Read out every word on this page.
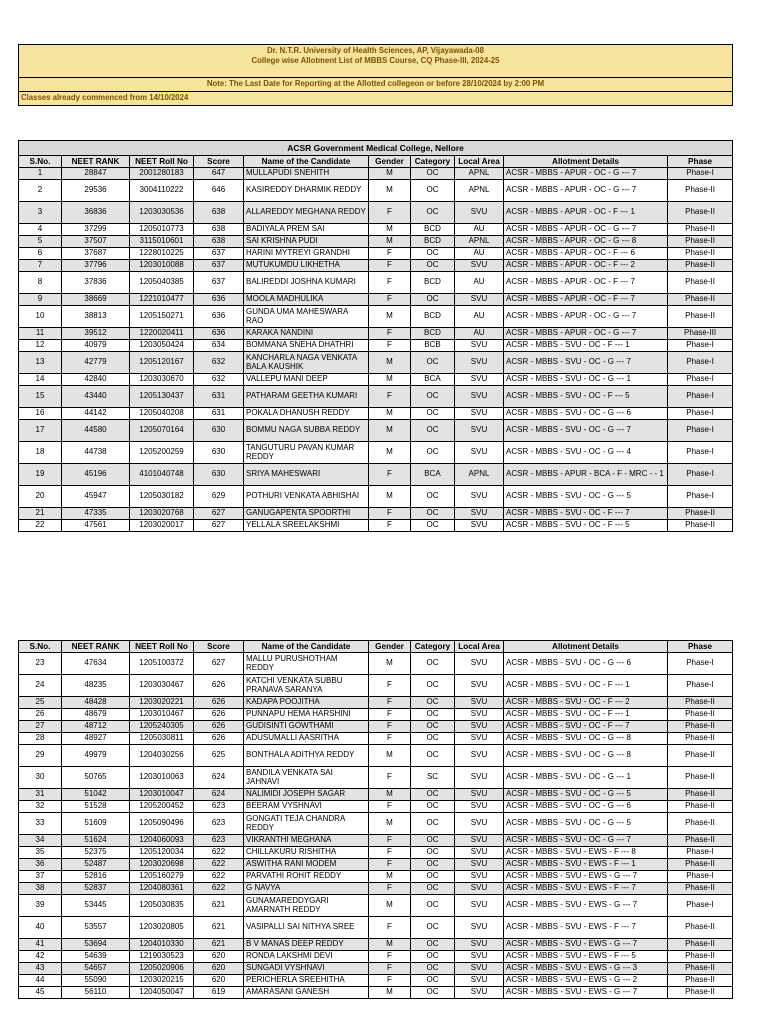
Dr. N.T.R. University of Health Sciences, AP, Vijayawada-08
College wise Allotment List of MBBS Course, CQ Phase-III, 2024-25

Note: The Last Date for Reporting at the Allotted collegeon or before 28/10/2024 by 2:00 PM
Classes already commenced from 14/10/2024

ACSR Government Medical College, Nellore									
S.No.	NEET RANK	NEET Roll No	Score	Name of the Candidate	Gender	Category	Local Area	Allotment Details	Phase
1	28847	2001280183	647	MULLAPUDI SNEHITH	M	OC	APNL	ACSR - MBBS - APUR - OC - G --- 7	Phase-I
2	29536	3004110222	646	KASIREDDY DHARMIK REDDY	M	OC	APNL	ACSR - MBBS - APUR - OC - G --- 7	Phase-II
3	36836	1203030536	638	ALLAREDDY MEGHANA REDDY	F	OC	SVU	ACSR - MBBS - APUR - OC - F --- 1	Phase-II
4	37299	1205010773	638	BADIYALA PREM SAI	M	BCD	AU	ACSR - MBBS - APUR - OC - G --- 7	Phase-II
5	37507	3115010601	638	SAI KRISHNA PUDI	M	BCD	APNL	ACSR - MBBS - APUR - OC - G --- 8	Phase-II
6	37687	1228010225	637	HARINI MYTREYI GRANDHI	F	OC	AU	ACSR - MBBS - APUR - OC - F --- 6	Phase-II
7	37796	1203010088	637	MUTUKUMDU LIKHETHA	F	OC	SVU	ACSR - MBBS - APUR - OC - F --- 2	Phase-II
8	37836	1205040385	637	BALIREDDI JOSHNA KUMARI	F	BCD	AU	ACSR - MBBS - APUR - OC - F --- 7	Phase-II
9	38669	1221010477	636	MOOLA MADHULIKA	F	OC	SVU	ACSR - MBBS - APUR - OC - F --- 7	Phase-II
10	38813	1205150271	636	GUNDA UMA MAHESWARA RAO	M	BCD	AU	ACSR - MBBS - APUR - OC - G --- 7	Phase-II
11	39512	1220020411	636	KARAKA NANDINI	F	BCD	AU	ACSR - MBBS - APUR - OC - G --- 7	Phase-III
12	40979	1203050424	634	BOMMANA SNEHA DHATHRI	F	BCB	SVU	ACSR - MBBS - SVU - OC - F --- 1	Phase-I
13	42779	1205120167	632	KANCHARLA NAGA VENKATA BALA KAUSHIK	M	OC	SVU	ACSR - MBBS - SVU - OC - G --- 7	Phase-I
14	42840	1203030670	632	VALLEPU MANI DEEP	M	BCA	SVU	ACSR - MBBS - SVU - OC - G --- 1	Phase-I
15	43440	1205130437	631	PATHARAM GEETHA KUMARI	F	OC	SVU	ACSR - MBBS - SVU - OC - F --- 5	Phase-I
16	44142	1205040208	631	POKALA DHANUSH REDDY	M	OC	SVU	ACSR - MBBS - SVU - OC - G --- 6	Phase-I
17	44580	1205070164	630	BOMMU NAGA SUBBA REDDY	M	OC	SVU	ACSR - MBBS - SVU - OC - G --- 7	Phase-I
18	44738	1205200259	630	TANGUTURU PAVAN KUMAR REDDY	M	OC	SVU	ACSR - MBBS - SVU - OC - G --- 4	Phase-I
19	45196	4101040748	630	SRIYA MAHESWARI	F	BCA	APNL	ACSR - MBBS - APUR - BCA - F - MRC - - 1	Phase-I
20	45947	1205030182	629	POTHURI VENKATA ABHISHAI	M	OC	SVU	ACSR - MBBS - SVU - OC - G --- 5	Phase-I
21	47335	1203020768	627	GANUGAPENTA SPOORTHI	F	OC	SVU	ACSR - MBBS - SVU - OC - F --- 7	Phase-II
22	47561	1203020017	627	YELLALA SREELAKSHMI	F	OC	SVU	ACSR - MBBS - SVU - OC - F --- 5	Phase-II
S.No.	NEET RANK	NEET Roll No	Score	Name of the Candidate	Gender	Category	Local Area	Allotment Details	Phase
23	47634	1205100372	627	MALLU PURUSHOTHAM REDDY	M	OC	SVU	ACSR - MBBS - SVU - OC - G --- 6	Phase-I
24	48235	1203030467	626	KATCHI VENKATA SUBBU PRANAVA SARANYA	F	OC	SVU	ACSR - MBBS - SVU - OC - F --- 1	Phase-I
25	48428	1203020221	626	KADAPA POOJITHA	F	OC	SVU	ACSR - MBBS - SVU - OC - F --- 2	Phase-II
26	48679	1203010467	626	PUNNAPU HEMA HARSHINI	F	OC	SVU	ACSR - MBBS - SVU - OC - F --- 1	Phase-II
27	48712	1205240305	626	GUDISINTI GOWTHAMI	F	OC	SVU	ACSR - MBBS - SVU - OC - F --- 7	Phase-II
28	48927	1205030811	626	ADUSUMALLI AASRITHA	F	OC	SVU	ACSR - MBBS - SVU - OC - G --- 8	Phase-II
29	49979	1204030256	625	BONTHALA ADITHYA REDDY	M	OC	SVU	ACSR - MBBS - SVU - OC - G --- 8	Phase-II
30	50765	1203010063	624	BANDILA VENKATA SAI JAHNAVI	F	SC	SVU	ACSR - MBBS - SVU - OC - G --- 1	Phase-II
31	51042	1203010047	624	NALIMIDI JOSEPH SAGAR	M	OC	SVU	ACSR - MBBS - SVU - OC - G --- 5	Phase-II
32	51528	1205200452	623	BEERAM VYSHNAVI	F	OC	SVU	ACSR - MBBS - SVU - OC - G --- 6	Phase-II
33	51609	1205090496	623	GONGATI TEJA CHANDRA REDDY	M	OC	SVU	ACSR - MBBS - SVU - OC - G --- 5	Phase-II
34	51624	1204060093	623	VIKRANTHI MEGHANA	F	OC	SVU	ACSR - MBBS - SVU - OC - G --- 7	Phase-II
35	52375	1205120034	622	CHILLAKURU RISHITHA	F	OC	SVU	ACSR - MBBS - SVU - EWS - F --- 8	Phase-I
36	52487	1203020698	622	ASWITHA RANI MODEM	F	OC	SVU	ACSR - MBBS - SVU - EWS - F --- 1	Phase-II
37	52816	1205160279	622	PARVATHI ROHIT REDDY	M	OC	SVU	ACSR - MBBS - SVU - EWS - G --- 7	Phase-I
38	52837	1204080361	622	G NAVYA	F	OC	SVU	ACSR - MBBS - SVU - EWS - F --- 7	Phase-II
39	53445	1205030835	621	GUNAMAREDDYGARI AMARNATH REDDY	M	OC	SVU	ACSR - MBBS - SVU - EWS - G --- 7	Phase-I
40	53557	1203020805	621	VASIPALLI SAI NITHYA SREE	F	OC	SVU	ACSR - MBBS - SVU - EWS - F --- 7	Phase-II
41	53694	1204010330	621	B V MANAS DEEP REDDY	M	OC	SVU	ACSR - MBBS - SVU - EWS - G --- 7	Phase-II
42	54639	1219030523	620	RONDA LAKSHMI DEVI	F	OC	SVU	ACSR - MBBS - SVU - EWS - F --- 5	Phase-II
43	54657	1205020906	620	SUNGADI VYSHNAVI	F	OC	SVU	ACSR - MBBS - SVU - EWS - G --- 3	Phase-II
44	55090	1203020215	620	PERICHERLA SREEHITHA	F	OC	SVU	ACSR - MBBS - SVU - EWS - G --- 2	Phase-II
45	56110	1204050047	619	AMARASANI GANESH	M	OC	SVU	ACSR - MBBS - SVU - EWS - G --- 7	Phase-II
